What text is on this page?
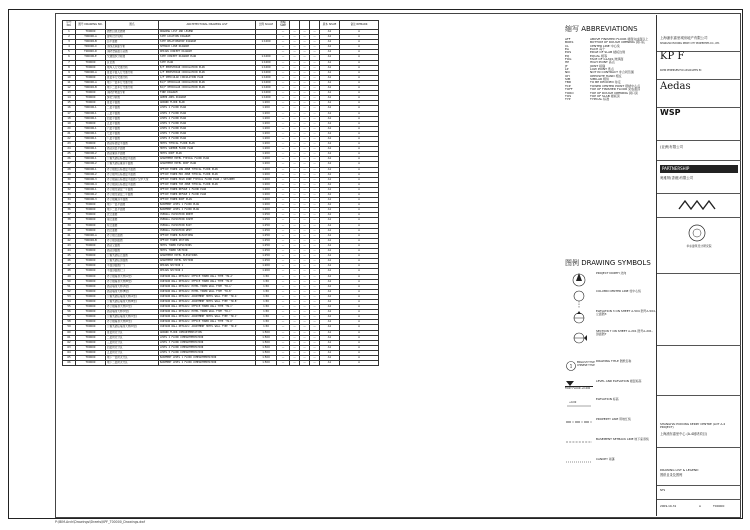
序号 NO.	图号 DRAWING NO.	图名	ARCHITECTURAL DRAWING LIST	比例 SCALE	图幅 SIZE				版本 ISSUE	备注 REMARK
1	T00000	图纸目录及图例	DRAWING LIST AND LEGEND		—	—	—	—	A1	A
2	T00000-A	建筑设计说明	SITE LOCATION DIAGRAM		—	—	—	—	A1	A
3	T00000-B	总平面图	SITE RELATIONSHIP DIAGRAM	1:1000	—	—	—	—	A1	A
4	T00000-C	退线及间距分析	SETBACK LINE DIAGRAM		—	—	—	—	A1	A
5	T00000-D	消防登高面示意图	DESIGN CONCEPT DIAGRAM		—	—	—	—	A1	A
6	T00000-E	交通组织分析图	SITE CONCEPT DIAGRAM PLAN	1:1000	—	—	—	—	A1	A
7	T00000	区位图	SITE PLAN	1:1000	—	—	—	—	A1	A
8	T00000	地库人行交通分析	B/F PEDESTRIAN CIRCULATION PLAN	1:1000	—	—	—	—	A1	A
9	T00000-A	首层平面人行交通分析	G/F PEDESTRIAN CIRCULATION PLAN	1:1000	—	—	—	—	A1	A
10	T00000	首层车行交通分析	G/F VEHICULAR CIRCULATION PLAN	1:1000	—	—	—	—	A1	A
11	T00000-A	地下一层车行交通分析	B1/F VEHICULAR CIRCULATION PLAN	1:1000	—	—	—	—	A1	A
12	T00000-B	地下二层车行交通分析	B2/F VEHICULAR CIRCULATION PLAN	1:1000	—	—	—	—	A1	A
13	T00000	消防扑救面分析	FIRE DIAGRAM	1:1000	—	—	—	—	A1	A
14	T00000	绿化分析图	GREEN AREA DIAGRAM	1:1000	—	—	—	—	A1	A
15	T00000	首层平面图	GROUND FLOOR PLAN	1:200	—	—	—	—	A1	A
16	T00000-1	二层平面图	LEVEL 2 FLOOR PLAN	1:200	—	—	—	—	A1	A
17	T00000-1	三层平面图	LEVEL 3 FLOOR PLAN	1:200	—	—	—	—	A1	A
18	T00000-1	四层平面图	LEVEL 4 FLOOR PLAN	1:200	—	—	—	—	A1	A
19	T00000	五层平面图	LEVEL 5 FLOOR PLAN	1:200	—	—	—	—	A1	A
20	T00000-1	六层平面图	LEVEL 6 FLOOR PLAN	1:200	—	—	—	—	A1	A
21	T00000-1	七层平面图	LEVEL 7 FLOOR PLAN	1:200	—	—	—	—	A1	A
22	T00000-1	八层平面图	LEVEL 8 FLOOR PLAN	1:200	—	—	—	—	A1	A
23	T00000	酒店标准层平面图	HOTEL TYPICAL FLOOR PLAN	1:200	—	—	—	—	A1	A
24	T00000-1	酒店顶层平面图	HOTEL SUPERB FLOOR PLAN	1:200	—	—	—	—	A1	A
25	T00000-2	酒店屋顶平面图	HOTEL ROOF PLAN	1:200	—	—	—	—	A1	A
26	T00000-1	公寓式酒店标准层平面图	APARTMENT HOTEL TYPICAL FLOOR PLAN	1:200	—	—	—	—	A1	A
27	T00000-2	公寓式酒店屋顶平面图	APARTMENT HOTEL ROOF PLAN	1:200	—	—	—	—	A1	A
28	T00000-1	办公楼低区标准层平面图	OFFICE TOWER LOW ZONE TYPICAL FLOOR PLAN	1:200	—	—	—	—	A1	A
29	T00000-2	办公楼中区标准层平面图	OFFICE TOWER MID ZONE TYPICAL FLOOR PLAN	1:200	—	—	—	—	A1	A
30	T00000-3	办公楼高区标准层平面图 / 空中大堂	OFFICE TOWER HIGH ZONE TYPICAL FLOOR PLAN / SKYLOBBY	1:200	—	—	—	—	A1	A
31	T00000-4	办公楼顶区标准层平面图	OFFICE TOWER TOP ZONE TYPICAL FLOOR PLAN	1:200	—	—	—	—	A1	A
32	T00000-1	办公楼设备层一平面图	OFFICE TOWER REFUGE 1 FLOOR PLAN	1:200	—	—	—	—	A1	A
33	T00000-2	办公楼设备层二平面图	OFFICE TOWER REFUGE 2 FLOOR PLAN	1:200	—	—	—	—	A1	A
34	T00000-3	办公楼屋顶平面图	OFFICE TOWER ROOF PLAN	1:200	—	—	—	—	A1	A
35	T00000	地下一层平面图	BASEMENT LEVEL 1 FLOOR PLAN	1:200	—	—	—	—	A1	A
36	T00000	地下二层平面图	BASEMENT LEVEL 2 FLOOR PLAN	1:200	—	—	—	—	A1	A
37	T00000	北立面图	OVERALL ELEVATION NORTH	1:250	—	—	—	—	A1	A
38	T00000	南立面图	OVERALL ELEVATION SOUTH	1:250	—	—	—	—	A1	A
39	T00000	东立面图	OVERALL ELEVATION EAST	1:250	—	—	—	—	A1	A
40	T00000	西立面图	OVERALL ELEVATION WEST	1:250	—	—	—	—	A1	A
41	T00000-A	办公楼立面图	OFFICE TOWER ELEVATIONS	1:250	—	—	—	—	A1	A
42	T00000-B	办公楼剖面图	OFFICE TOWER SECTION	1:250	—	—	—	—	A1	A
43	T00000	酒店立面图	HOTEL TOWER ELEVATIONS	1:250	—	—	—	—	A1	A
44	T00000	酒店剖面图	HOTEL TOWER SECTION	1:250	—	—	—	—	A1	A
45	T00000	公寓式酒店立面图	APARTMENT HOTEL ELEVATIONS	1:250	—	—	—	—	A1	A
46	T00000	公寓式酒店剖面图	APARTMENT HOTEL SECTION	1:250	—	—	—	—	A1	A
47	T00000	平面剖面图(一)	DESIGN SECTION 1	1:200	—	—	—	—	A1	A
48	T00000	平面剖面图(二)	DESIGN SECTION 2	1:200	—	—	—	—	A1	A
49	T00000	办公楼墙身大样(A型)	CURTAIN WALL DETAILS: OFFICE TOWER WALL TYPE 'TW-A'	1:50	—	—	—	—	A1	A
50	T00000	办公楼墙身大样(B型)	CURTAIN WALL DETAILS: OFFICE TOWER WALL TYPE 'TW-B'	1:50	—	—	—	—	A1	A
51	T00000	酒店墙身大样(A型)	CURTAIN WALL DETAILS: HOTEL TOWER WALL TYPE 'TW-A'	1:50	—	—	—	—	A1	A
52	T00000	酒店墙身大样(B型)	CURTAIN WALL DETAILS: HOTEL TOWER WALL TYPE 'TW-B'	1:50	—	—	—	—	A1	A
53	T00000	公寓式酒店墙身大样(A型)	CURTAIN WALL DETAILS: APARTMENT HOTEL WALL TYPE 'TW-A'	1:50	—	—	—	—	A1	A
54	T00000	公寓式酒店墙身大样(B型)	CURTAIN WALL DETAILS: APARTMENT HOTEL WALL TYPE 'TW-B'	1:50	—	—	—	—	A1	A
55	T00000	办公楼墙身大样(C型)	CURTAIN WALL DETAILS: OFFICE TOWER WALL TYPE 'TW-C'	1:50	—	—	—	—	A1	A
56	T00000	酒店墙身大样(C型)	CURTAIN WALL DETAILS: HOTEL TOWER WALL TYPE 'TW-C'	1:50	—	—	—	—	A1	A
57	T00000	公寓式酒店墙身大样(C型)	CURTAIN WALL DETAILS: APARTMENT HOTEL WALL TYPE 'TW-C'	1:50	—	—	—	—	A1	A
58	T00000	办公楼墙身大样(D型)	CURTAIN WALL DETAILS: OFFICE TOWER WALL TYPE 'TW-D'	1:50	—	—	—	—	A1	A
59	T00000	公寓式酒店墙身大样(D型)	CURTAIN WALL DETAILS: APARTMENT HOTEL WALL TYPE 'TW-D'	1:50	—	—	—	—	A1	A
60	T00000	首层防火分区	GROUND FLOOR COMPARTMENTATION	1:500	—	—	—	—	A1	A
61	T00000	二层防火分区	LEVEL 2 FLOOR COMPARTMENTATION	1:500	—	—	—	—	A1	A
62	T00000	三层防火分区	LEVEL 3 FLOOR COMPARTMENTATION	1:500	—	—	—	—	A1	A
63	T00000	四层防火分区	LEVEL 4 FLOOR COMPARTMENTATION	1:500	—	—	—	—	A1	A
64	T00000	五层防火分区	LEVEL 5 FLOOR COMPARTMENTATION	1:500	—	—	—	—	A1	A
65	T00000	地下一层防火分区	BASEMENT LEVEL 1 FLOOR COMPARTMENTATION	1:500	—	—	—	—	A1	A
66	T00000	地下二层防火分区	BASEMENT LEVEL 2 FLOOR COMPARTMENTATION	1:500	—	—	—	—	A1	A
缩写 ABBREVIATIONS
AFF	ABOVE FINISHED FLOOR 楼面完成面以上
BORS	BOTTOM OF ROUGH OPENING 洞口底
CL	CENTER LINE 中心线
EA	EACH 每个
EOS	EDGE OF SLAB 楼板边缘
EQ	EQUAL 相等
FOG	FACE OF GLASS 玻璃面
HP	HIGH POINT 高点
JT	JOINT 接缝
LP	LOW POINT 低点
NIC	NOT IN CONTRACT 非合同范围
OH	OPPOSITE HAND 相反
SIM	SIMILAR 相似
TBD	TO BE DECIDED 待定
TCP	TOWER CENTER POINT 塔楼中心点
TOFF	TOP OF FINISHED FLOOR 完成面顶
TORO	TOP OF ROUGH OPENING 洞口顶
TOS	TOP OF SLAB 楼板顶
TYP	TYPICAL 标准
图例 DRAWING SYMBOLS
PROJECT NORTH 北向
COLUMN CENTER LINE 柱中心线
ELEVATION 3 ON SHEET A-504 图号A-504, 立面图3
SECTION 7 ON SHEET A-201 图号A-201, 剖面图7
1
ENGLISH TITLE
CHINESE TITLE
DRAWING TITLE 图纸名称
FIRST FLOOR +0.000
LEVEL AND ELEVATION 楼层标高
+0.00
ELEVATION 标高
PROPERTY LINE 用地红线
BASEMENT SETBACK LINE 地下室退线
CANOPY 雨篷
上海浦东嘉里城房地产有限公司
SHANGHAI PUDONG KERRY CITY PROPERTIES CO., LTD.
KP F
KOHN PEDERSEN FOX ASSOCIATES PC
Aedas
WSP
(亚洲)有限公司
PARTNERSHIP
奥雅纳(香港)有限公司
华东建筑设计研究院
SHANGHAI PUDONG KERRY CENTRE (LOT A-4 PROJECT)
上海浦东嘉里中心 (A-4地块项目)
DRAWING LIST & LEGEND
图纸目录及图例
NTS
2009-10-31	A	T00000
P:\BIM-Arch\Drawings\Sheets\KPF_T00000_Drawings.dwf
